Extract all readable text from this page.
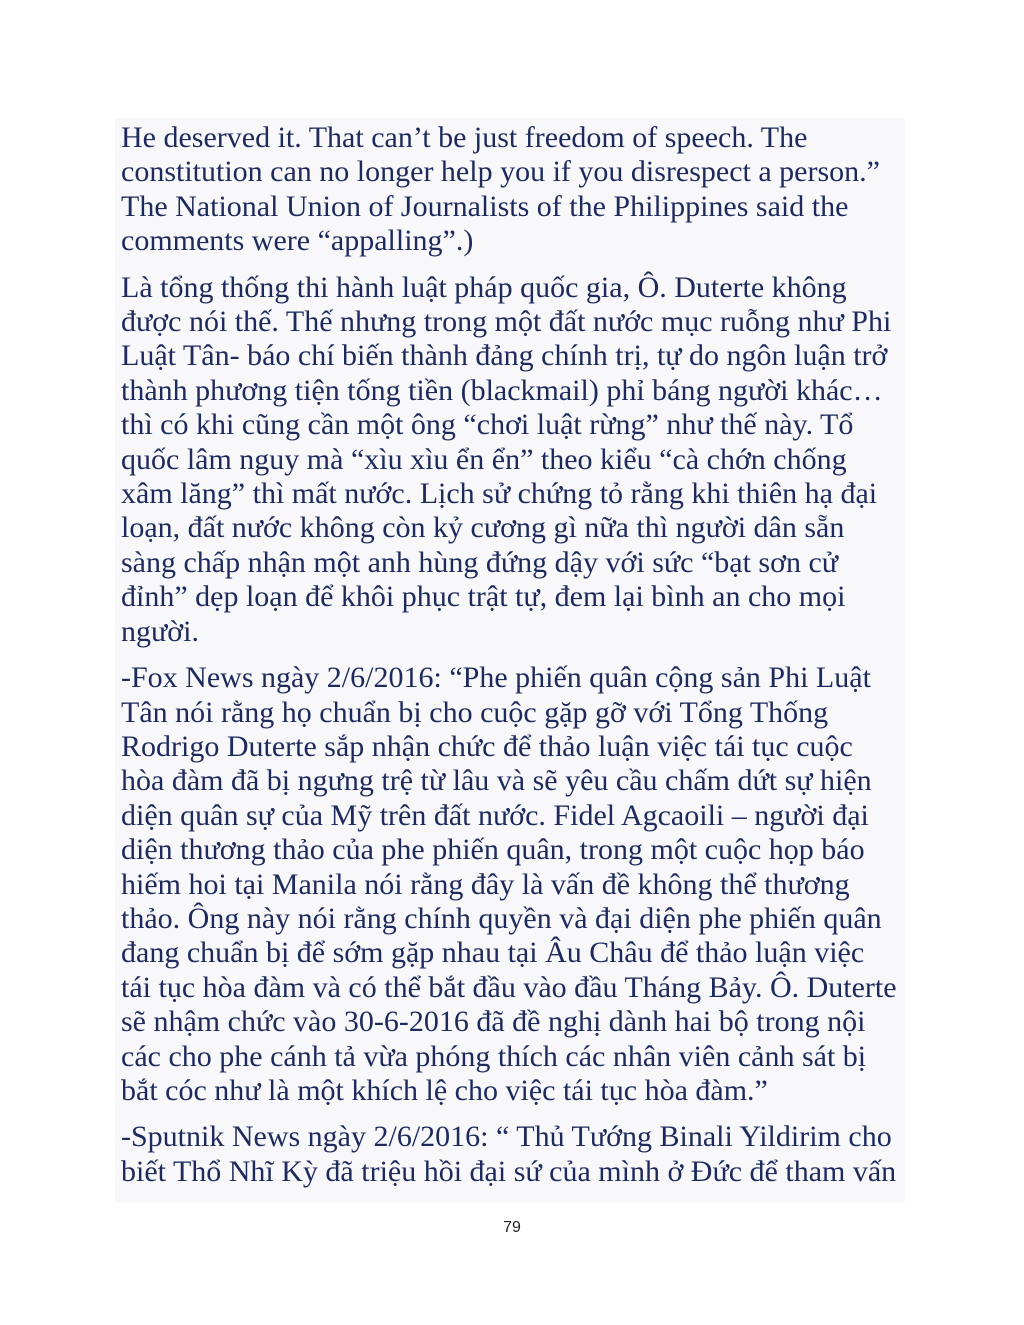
He deserved it. That can’t be just freedom of speech. The
constitution can no longer help you if you disrespect a person.”
The National Union of Journalists of the Philippines said the
comments were “appalling”.)

Là tổng thống thi hành luật pháp quốc gia, Ô. Duterte không
được nói thế. Thế nhưng trong một đất nước mục ruỗng như Phi
Luật Tân- báo chí biến thành đảng chính trị, tự do ngôn luận trở
thành phương tiện tống tiền (blackmail) phỉ báng người khác…
thì có khi cũng cần một ông “chơi luật rừng” như thế này. Tổ
quốc lâm nguy mà “xìu xìu ển ển” theo kiểu “cà chớn chống
xâm lăng” thì mất nước. Lịch sử chứng tỏ rằng khi thiên hạ đại
loạn, đất nước không còn kỷ cương gì nữa thì người dân sẵn
sàng chấp nhận một anh hùng đứng dậy với sức “bạt sơn cử
đỉnh” dẹp loạn để khôi phục trật tự, đem lại bình an cho mọi
người.

-Fox News ngày 2/6/2016: “Phe phiến quân cộng sản Phi Luật
Tân nói rằng họ chuẩn bị cho cuộc gặp gỡ với Tổng Thống
Rodrigo Duterte sắp nhận chức để thảo luận việc tái tục cuộc
hòa đàm đã bị ngưng trệ từ lâu và sẽ yêu cầu chấm dứt sự hiện
diện quân sự của Mỹ trên đất nước. Fidel Agcaoili – người đại
diện thương thảo của phe phiến quân, trong một cuộc họp báo
hiếm hoi tại Manila nói rằng đây là vấn đề không thể thương
thảo. Ông này nói rằng chính quyền và đại diện phe phiến quân
đang chuẩn bị để sớm gặp nhau tại Âu Châu để thảo luận việc
tái tục hòa đàm và có thể bắt đầu vào đầu Tháng Bảy. Ô. Duterte
sẽ nhậm chức vào 30-6-2016 đã đề nghị dành hai bộ trong nội
các cho phe cánh tả vừa phóng thích các nhân viên cảnh sát bị
bắt cóc như là một khích lệ cho việc tái tục hòa đàm.”

-Sputnik News ngày 2/6/2016: “ Thủ Tướng Binali Yildirim cho
biết Thổ Nhĩ Kỳ đã triệu hồi đại sứ của mình ở Đức để tham vấn

79
